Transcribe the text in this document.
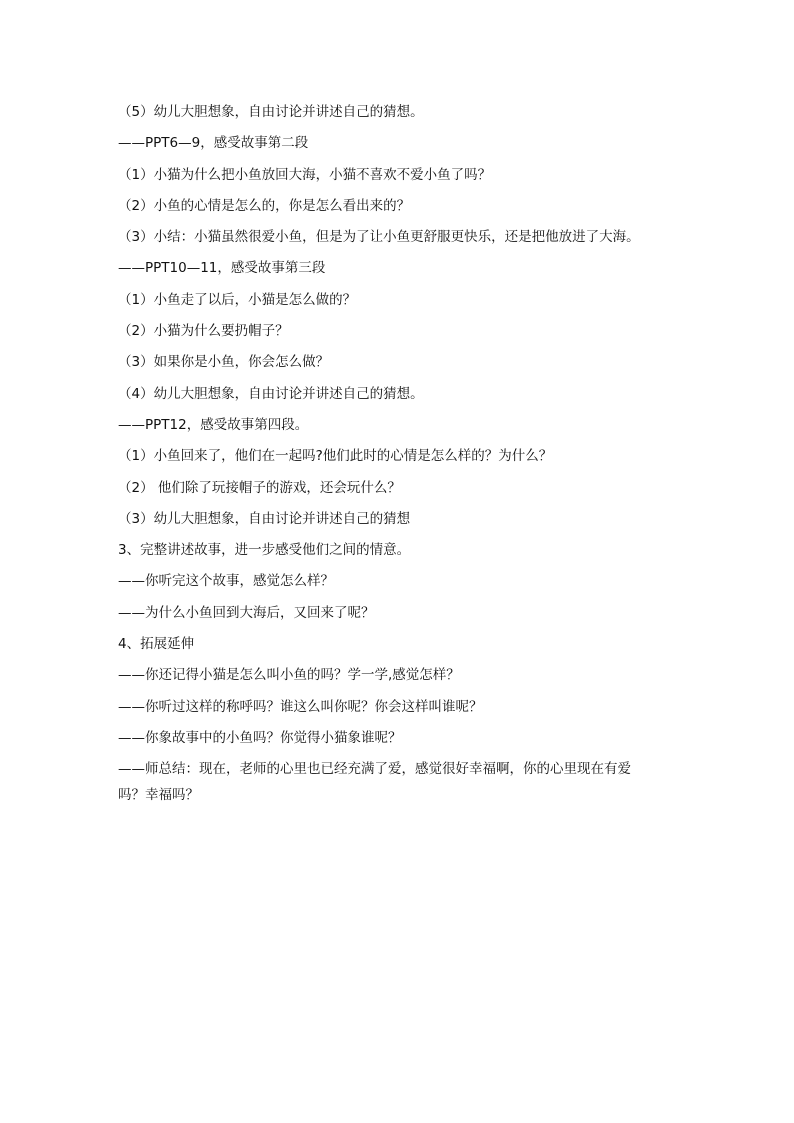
（5）幼儿大胆想象，自由讨论并讲述自己的猜想。
——PPT6—9，感受故事第二段
（1）小猫为什么把小鱼放回大海，小猫不喜欢不爱小鱼了吗？
（2）小鱼的心情是怎么的，你是怎么看出来的？
（3）小结：小猫虽然很爱小鱼，但是为了让小鱼更舒服更快乐，还是把他放进了大海。
——PPT10—11，感受故事第三段
（1）小鱼走了以后，小猫是怎么做的？
（2）小猫为什么要扔帽子？
（3）如果你是小鱼，你会怎么做？
（4）幼儿大胆想象，自由讨论并讲述自己的猜想。
——PPT12，感受故事第四段。
（1）小鱼回来了，他们在一起吗?他们此时的心情是怎么样的？为什么？
（2） 他们除了玩接帽子的游戏，还会玩什么？
（3）幼儿大胆想象，自由讨论并讲述自己的猜想
3、完整讲述故事，进一步感受他们之间的情意。
——你听完这个故事，感觉怎么样？
——为什么小鱼回到大海后，又回来了呢？
4、拓展延伸
——你还记得小猫是怎么叫小鱼的吗？学一学,感觉怎样？
——你听过这样的称呼吗？谁这么叫你呢？你会这样叫谁呢？
——你象故事中的小鱼吗？你觉得小猫象谁呢？
——师总结：现在，老师的心里也已经充满了爱，感觉很好幸福啊，你的心里现在有爱
吗？幸福吗？
